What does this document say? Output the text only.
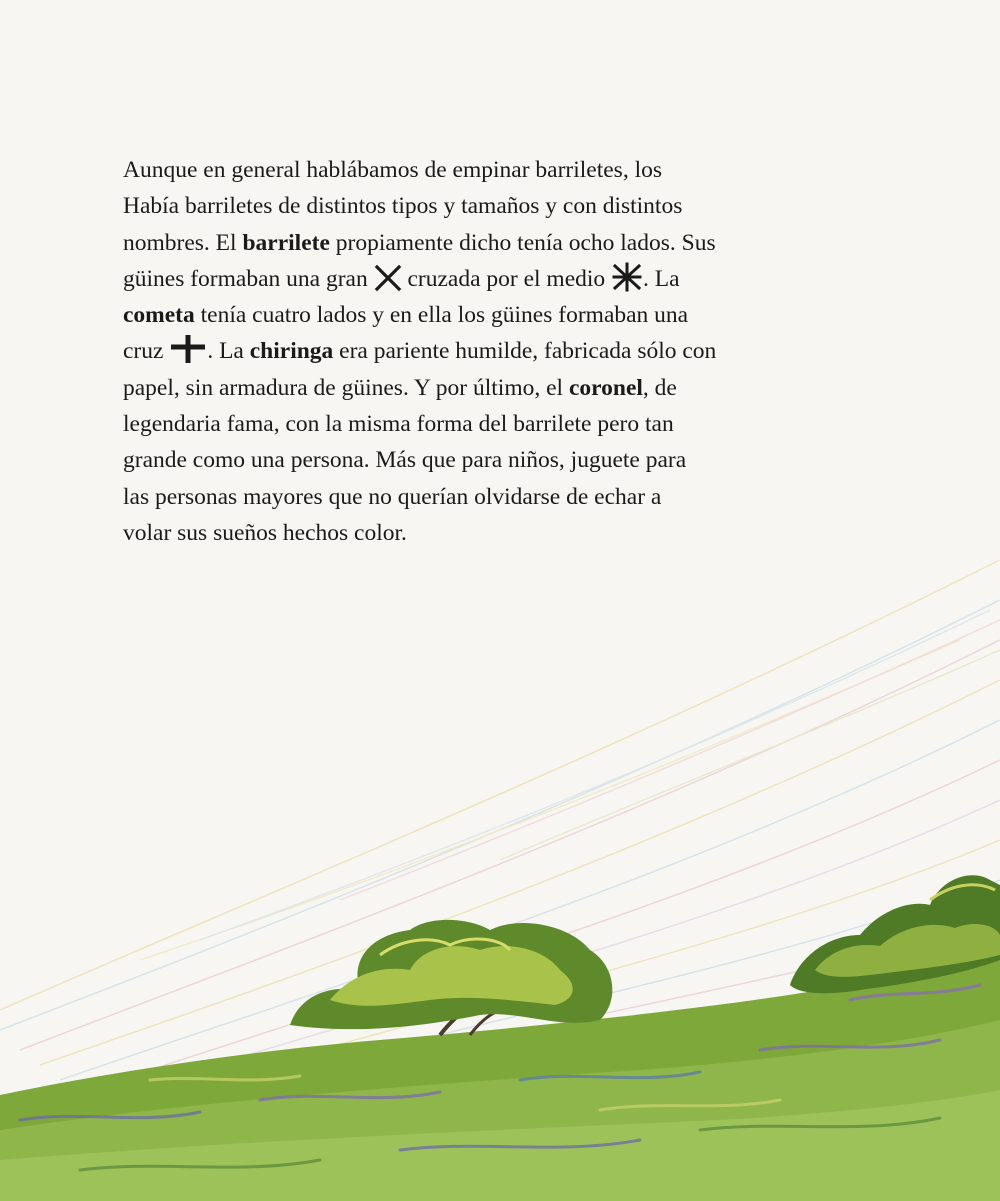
Aunque en general hablábamos de empinar barriletes, los
Había barriletes de distintos tipos y tamaños y con distintos
nombres. El barrilete propiamente dicho tenía ocho lados. Sus
güines formaban una gran  cruzada por el medio . La
cometa tenía cuatro lados y en ella los güines formaban una
cruz . La chiringa era pariente humilde, fabricada sólo con
papel, sin armadura de güines. Y por último, el coronel, de
legendaria fama, con la misma forma del barrilete pero tan
grande como una persona. Más que para niños, juguete para
las personas mayores que no querían olvidarse de echar a
volar sus sueños hechos color.
